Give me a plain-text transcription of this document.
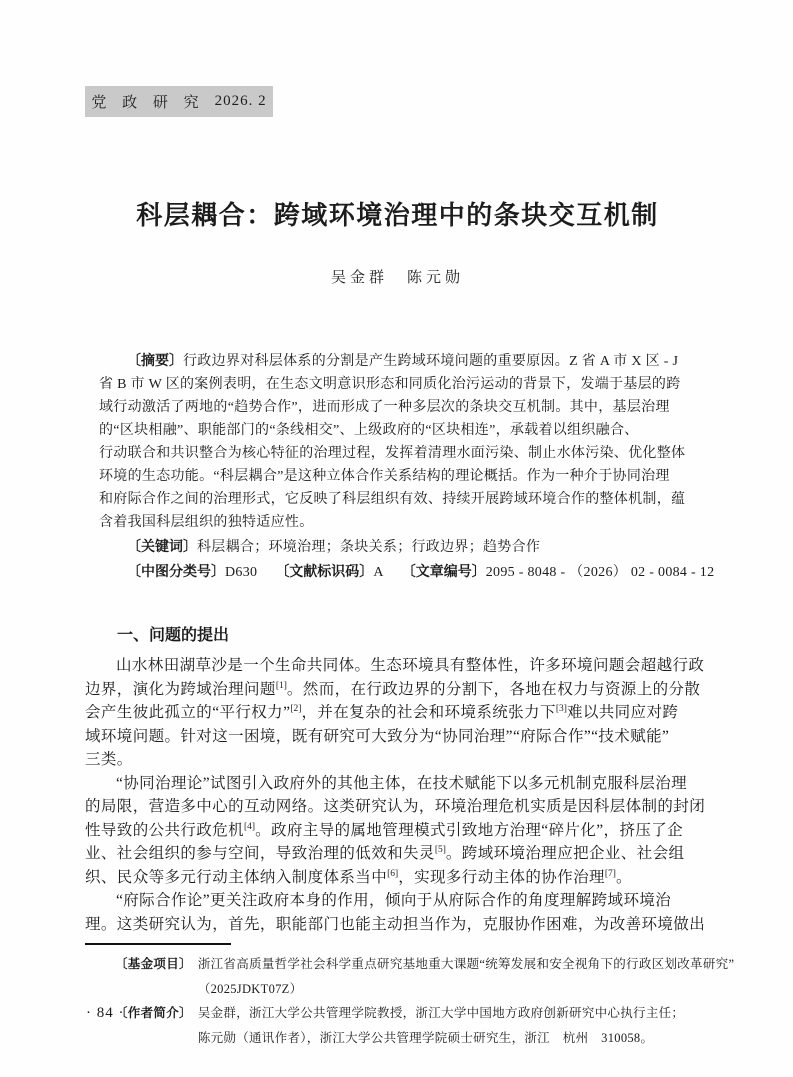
党 政 研 究 2026. 2
科层耦合：跨域环境治理中的条块交互机制
吴金群　陈元勋
〔摘要〕行政边界对科层体系的分割是产生跨域环境问题的重要原因。Z 省 A 市 X 区 - J
省 B 市 W 区的案例表明，在生态文明意识形态和同质化治污运动的背景下，发端于基层的跨
域行动激活了两地的“趋势合作”，进而形成了一种多层次的条块交互机制。其中，基层治理
的“区块相融”、职能部门的“条线相交”、上级政府的“区块相连”，承载着以组织融合、
行动联合和共识整合为核心特征的治理过程，发挥着清理水面污染、制止水体污染、优化整体
环境的生态功能。“科层耦合”是这种立体合作关系结构的理论概括。作为一种介于协同治理
和府际合作之间的治理形式，它反映了科层组织有效、持续开展跨域环境合作的整体机制，蕴
含着我国科层组织的独特适应性。
〔关键词〕科层耦合；环境治理；条块关系；行政边界；趋势合作
〔中图分类号〕D630 〔文献标识码〕A 〔文章编号〕2095 - 8048 - （2026） 02 - 0084 - 12
一、问题的提出
山水林田湖草沙是一个生命共同体。生态环境具有整体性，许多环境问题会超越行政
边界，演化为跨域治理问题[1]。然而，在行政边界的分割下，各地在权力与资源上的分散
会产生彼此孤立的“平行权力”[2]，并在复杂的社会和环境系统张力下[3]难以共同应对跨
域环境问题。针对这一困境，既有研究可大致分为“协同治理”“府际合作”“技术赋能”
三类。
“协同治理论”试图引入政府外的其他主体，在技术赋能下以多元机制克服科层治理
的局限，营造多中心的互动网络。这类研究认为，环境治理危机实质是因科层体制的封闭
性导致的公共行政危机[4]。政府主导的属地管理模式引致地方治理“碎片化”，挤压了企
业、社会组织的参与空间，导致治理的低效和失灵[5]。跨域环境治理应把企业、社会组
织、民众等多元行动主体纳入制度体系当中[6]，实现多行动主体的协作治理[7]。
“府际合作论”更关注政府本身的作用，倾向于从府际合作的角度理解跨域环境治
理。这类研究认为，首先，职能部门也能主动担当作为，克服协作困难，为改善环境做出
〔基金项目〕 浙江省高质量哲学社会科学重点研究基地重大课题“统筹发展和安全视角下的行政区划改革研究”
（2025JDKT07Z）
〔作者简介〕 吴金群，浙江大学公共管理学院教授，浙江大学中国地方政府创新研究中心执行主任；
陈元勋（通讯作者），浙江大学公共管理学院硕士研究生，浙江　杭州　310058。
· 84 ·
